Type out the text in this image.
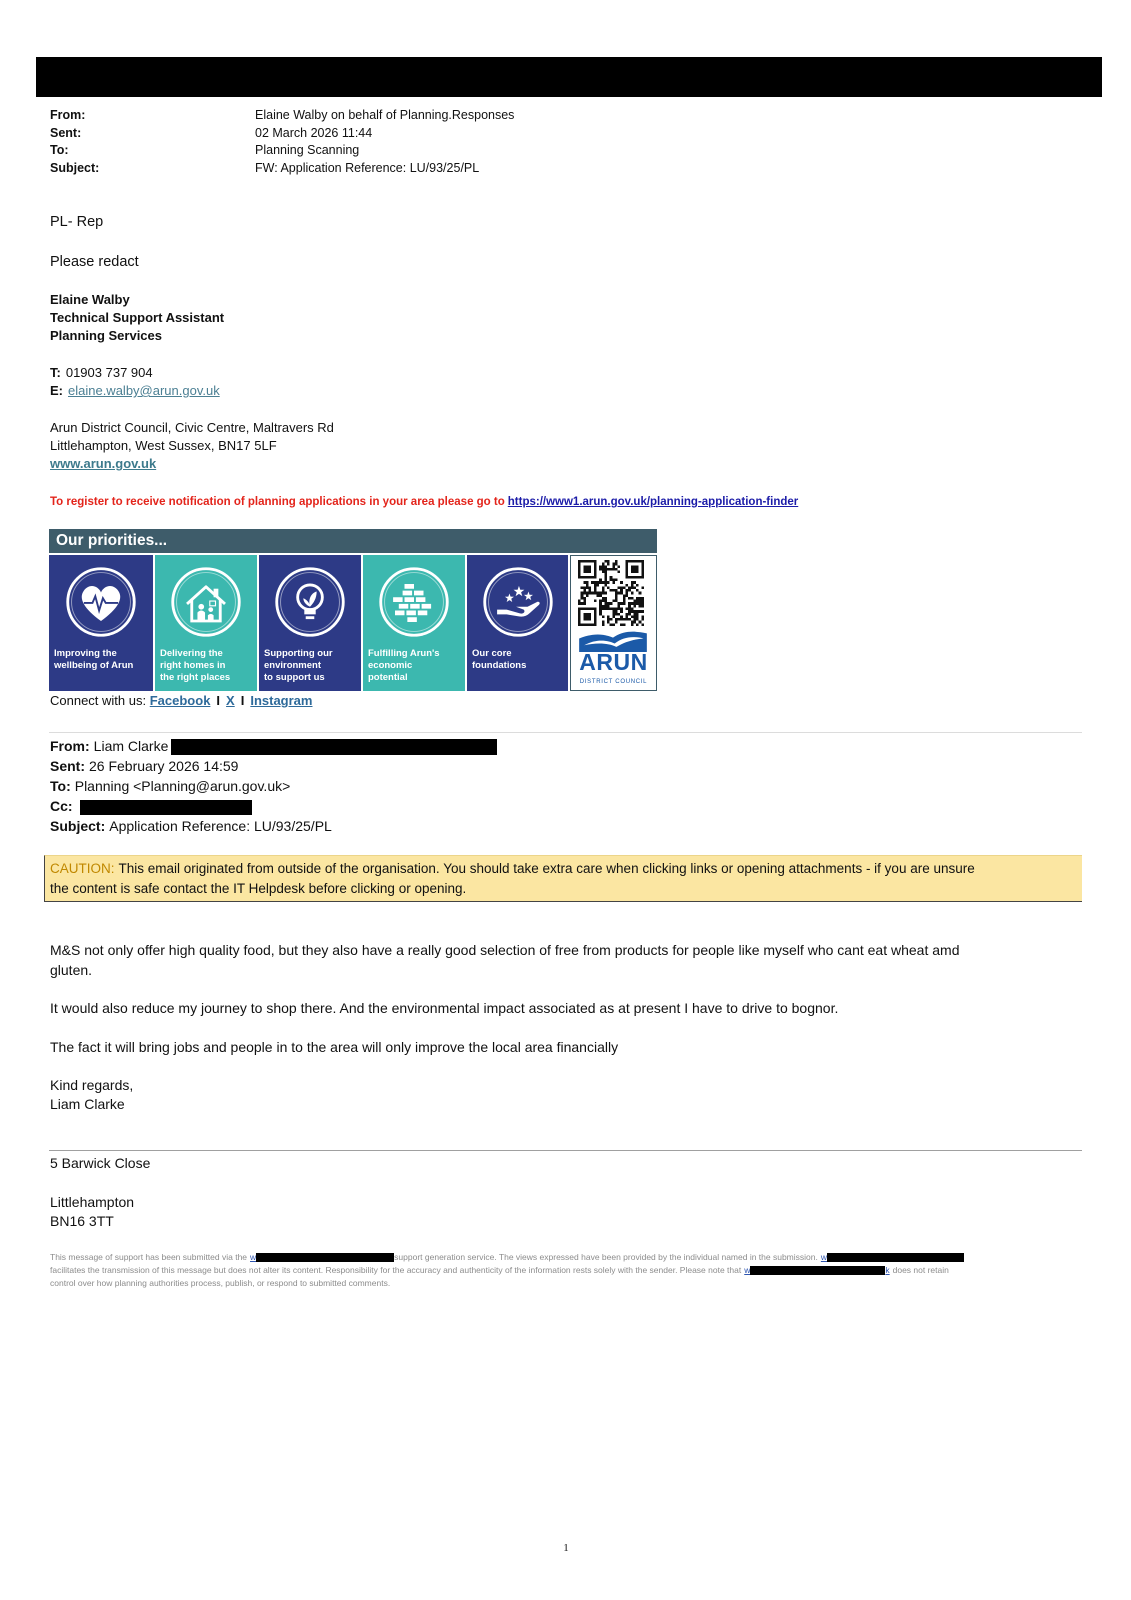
From:	Elaine Walby on behalf of Planning.Responses
Sent:	02 March 2026 11:44
To:	Planning Scanning
Subject:	FW: Application Reference: LU/93/25/PL
PL- Rep
Please redact
Elaine Walby
Technical Support Assistant
Planning Services
T: 01903 737 904
E: elaine.walby@arun.gov.uk
Arun District Council, Civic Centre, Maltravers Rd
Littlehampton, West Sussex, BN17 5LF
www.arun.gov.uk
To register to receive notification of planning applications in your area please go to https://www1.arun.gov.uk/planning-application-finder
Our priorities...
Improving the
wellbeing of Arun
Delivering the
right homes in
the right places
Supporting our
environment
to support us
Fulfilling Arun's
economic
potential
Our core
foundations	ARUN
DISTRICT COUNCIL
Connect with us: Facebook I X I Instagram
From: Liam Clarke
Sent: 26 February 2026 14:59
To: Planning <Planning@arun.gov.uk>
Cc:
Subject: Application Reference: LU/93/25/PL
CAUTION: This email originated from outside of the organisation. You should take extra care when clicking links or opening attachments - if you are unsure
the content is safe contact the IT Helpdesk before clicking or opening.
M&S not only offer high quality food, but they also have a really good selection of free from products for people like myself who cant eat wheat amd
gluten.
It would also reduce my journey to shop there. And the environmental impact associated as at present I have to drive to bognor.
The fact it will bring jobs and people in to the area will only improve the local area financially
Kind regards,
Liam Clarke
5 Barwick Close
Littlehampton
BN16 3TT
This message of support has been submitted via the w	support generation service. The views expressed have been provided by the individual named in the submission. w
facilitates the transmission of this message but does not alter its content. Responsibility for the accuracy and authenticity of the information rests solely with the sender. Please note that w	k does not retain
control over how planning authorities process, publish, or respond to submitted comments.
1
